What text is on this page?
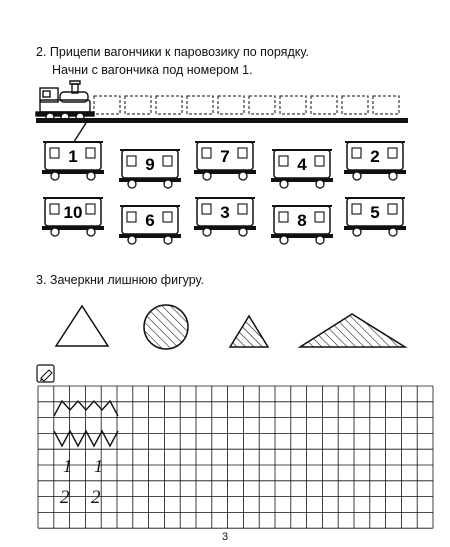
2. Прицепи вагончики к паровозику по порядку.
Начни с вагончика под номером 1.
3. Зачеркни лишнюю фигуру.
1	9	7	4	2
10	6	3	8	5
1 1
2 2
3
